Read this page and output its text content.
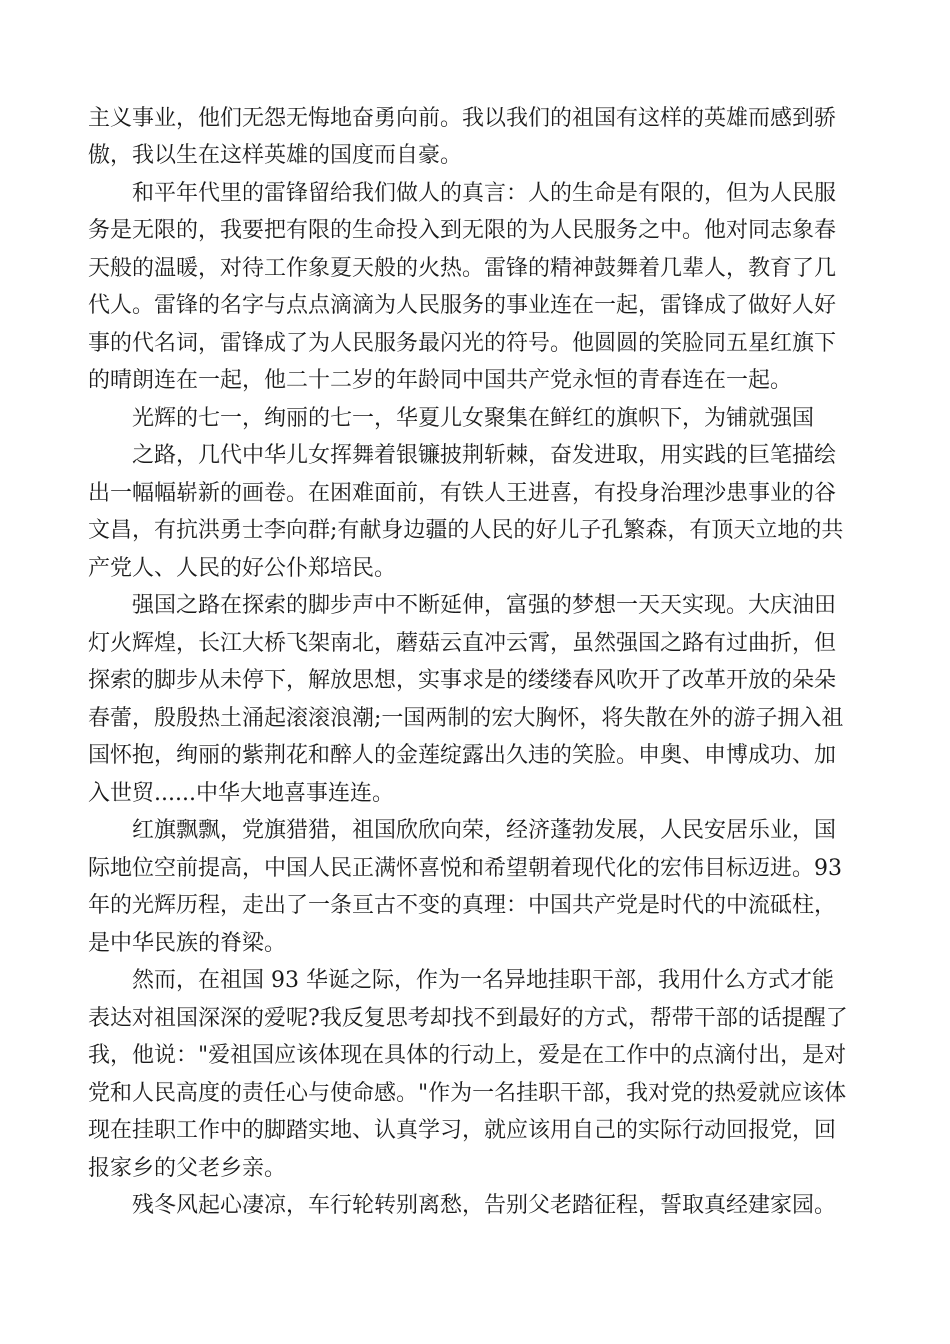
主义事业，他们无怨无悔地奋勇向前。我以我们的祖国有这样的英雄而感到骄
傲，我以生在这样英雄的国度而自豪。
和平年代里的雷锋留给我们做人的真言：人的生命是有限的，但为人民服
务是无限的，我要把有限的生命投入到无限的为人民服务之中。他对同志象春
天般的温暖，对待工作象夏天般的火热。雷锋的精神鼓舞着几辈人，教育了几
代人。雷锋的名字与点点滴滴为人民服务的事业连在一起，雷锋成了做好人好
事的代名词，雷锋成了为人民服务最闪光的符号。他圆圆的笑脸同五星红旗下
的晴朗连在一起，他二十二岁的年龄同中国共产党永恒的青春连在一起。
光辉的七一，绚丽的七一，华夏儿女聚集在鲜红的旗帜下，为铺就强国
之路，几代中华儿女挥舞着银镰披荆斩棘，奋发进取，用实践的巨笔描绘
出一幅幅崭新的画卷。在困难面前，有铁人王进喜，有投身治理沙患事业的谷
文昌，有抗洪勇士李向群;有献身边疆的人民的好儿子孔繁森，有顶天立地的共
产党人、人民的好公仆郑培民。
强国之路在探索的脚步声中不断延伸，富强的梦想一天天实现。大庆油田
灯火辉煌，长江大桥飞架南北，蘑菇云直冲云霄，虽然强国之路有过曲折，但
探索的脚步从未停下，解放思想，实事求是的缕缕春风吹开了改革开放的朵朵
春蕾，殷殷热土涌起滚滚浪潮;一国两制的宏大胸怀，将失散在外的游子拥入祖
国怀抱，绚丽的紫荆花和醉人的金莲绽露出久违的笑脸。申奥、申博成功、加
入世贸......中华大地喜事连连。
红旗飘飘，党旗猎猎，祖国欣欣向荣，经济蓬勃发展，人民安居乐业，国
际地位空前提高，中国人民正满怀喜悦和希望朝着现代化的宏伟目标迈进。93
年的光辉历程，走出了一条亘古不变的真理：中国共产党是时代的中流砥柱，
是中华民族的脊梁。
然而，在祖国 93 华诞之际，作为一名异地挂职干部，我用什么方式才能
表达对祖国深深的爱呢?我反复思考却找不到最好的方式，帮带干部的话提醒了
我，他说："爱祖国应该体现在具体的行动上，爱是在工作中的点滴付出，是对
党和人民高度的责任心与使命感。"作为一名挂职干部，我对党的热爱就应该体
现在挂职工作中的脚踏实地、认真学习，就应该用自己的实际行动回报党，回
报家乡的父老乡亲。
残冬风起心凄凉，车行轮转别离愁，告别父老踏征程，誓取真经建家园。
